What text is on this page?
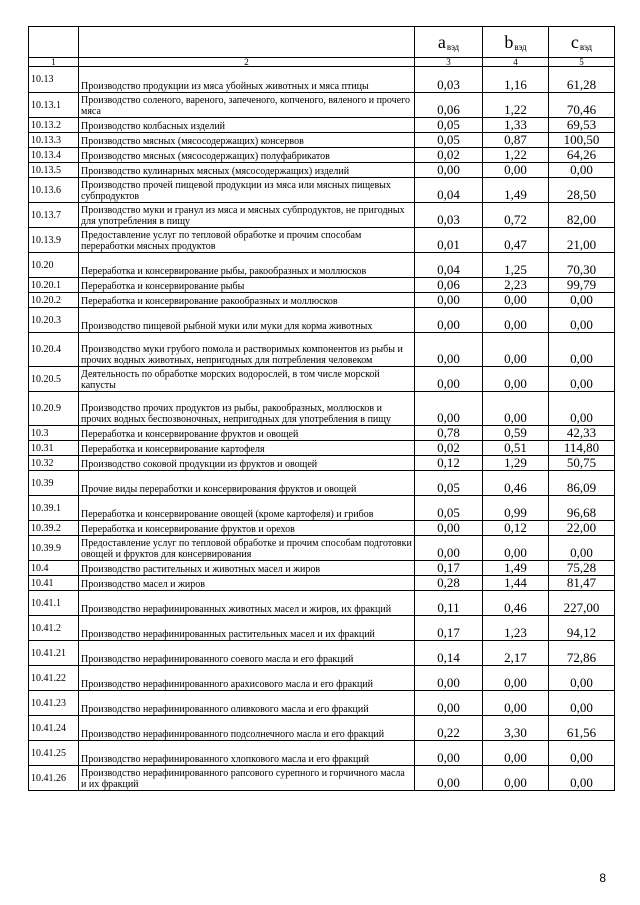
		$a_{вэд}$	$b_{вэд}$	$c_{вэд}$
1	2	3	4	5
10.13	Производство продукции из мяса убойных животных и мяса птицы	0,03	1,16	61,28
10.13.1	Производство соленого, вареного, запеченого, копченого, вяленого и прочего мяса	0,06	1,22	70,46
10.13.2	Производство колбасных изделий	0,05	1,33	69,53
10.13.3	Производство мясных (мясосодержащих) консервов	0,05	0,87	100,50
10.13.4	Производство мясных (мясосодержащих) полуфабрикатов	0,02	1,22	64,26
10.13.5	Производство кулинарных мясных (мясосодержащих) изделий	0,00	0,00	0,00
10.13.6	Производство прочей пищевой продукции из мяса или мясных пищевых субпродуктов	0,04	1,49	28,50
10.13.7	Производство муки и гранул из мяса и мясных субпродуктов, не пригодных для употребления в пищу	0,03	0,72	82,00
10.13.9	Предоставление услуг по тепловой обработке и прочим способам переработки мясных продуктов	0,01	0,47	21,00
10.20	Переработка и консервирование рыбы, ракообразных и моллюсков	0,04	1,25	70,30
10.20.1	Переработка и консервирование рыбы	0,06	2,23	99,79
10.20.2	Переработка и консервирование ракообразных и моллюсков	0,00	0,00	0,00
10.20.3	Производство пищевой рыбной муки или муки для корма животных	0,00	0,00	0,00
10.20.4	Производство муки грубого помола и растворимых компонентов из рыбы и прочих водных животных, непригодных для потребления человеком	0,00	0,00	0,00
10.20.5	Деятельность по обработке морских водорослей, в том числе морской капусты	0,00	0,00	0,00
10.20.9	Производство прочих продуктов из рыбы, ракообразных, моллюсков и прочих водных беспозвоночных, непригодных для употребления в пищу	0,00	0,00	0,00
10.3	Переработка и консервирование фруктов и овощей	0,78	0,59	42,33
10.31	Переработка и консервирование картофеля	0,02	0,51	114,80
10.32	Производство соковой продукции из фруктов и овощей	0,12	1,29	50,75
10.39	Прочие виды переработки и консервирования фруктов и овощей	0,05	0,46	86,09
10.39.1	Переработка и консервирование овощей (кроме картофеля) и грибов	0,05	0,99	96,68
10.39.2	Переработка и консервирование фруктов и орехов	0,00	0,12	22,00
10.39.9	Предоставление услуг по тепловой обработке и прочим способам подготовки овощей и фруктов для консервирования	0,00	0,00	0,00
10.4	Производство растительных и животных масел и жиров	0,17	1,49	75,28
10.41	Производство масел и жиров	0,28	1,44	81,47
10.41.1	Производство нерафинированных животных масел и жиров, их фракций	0,11	0,46	227,00
10.41.2	Производство нерафинированных растительных масел и их фракций	0,17	1,23	94,12
10.41.21	Производство нерафинированного соевого масла и его фракций	0,14	2,17	72,86
10.41.22	Производство нерафинированного арахисового масла и его фракций	0,00	0,00	0,00
10.41.23	Производство нерафинированного оливкового масла и его фракций	0,00	0,00	0,00
10.41.24	Производство нерафинированного подсолнечного масла и его фракций	0,22	3,30	61,56
10.41.25	Производство нерафинированного хлопкового масла и его фракций	0,00	0,00	0,00
10.41.26	Производство нерафинированного рапсового сурепного и горчичного масла и их фракций	0,00	0,00	0,00
8
